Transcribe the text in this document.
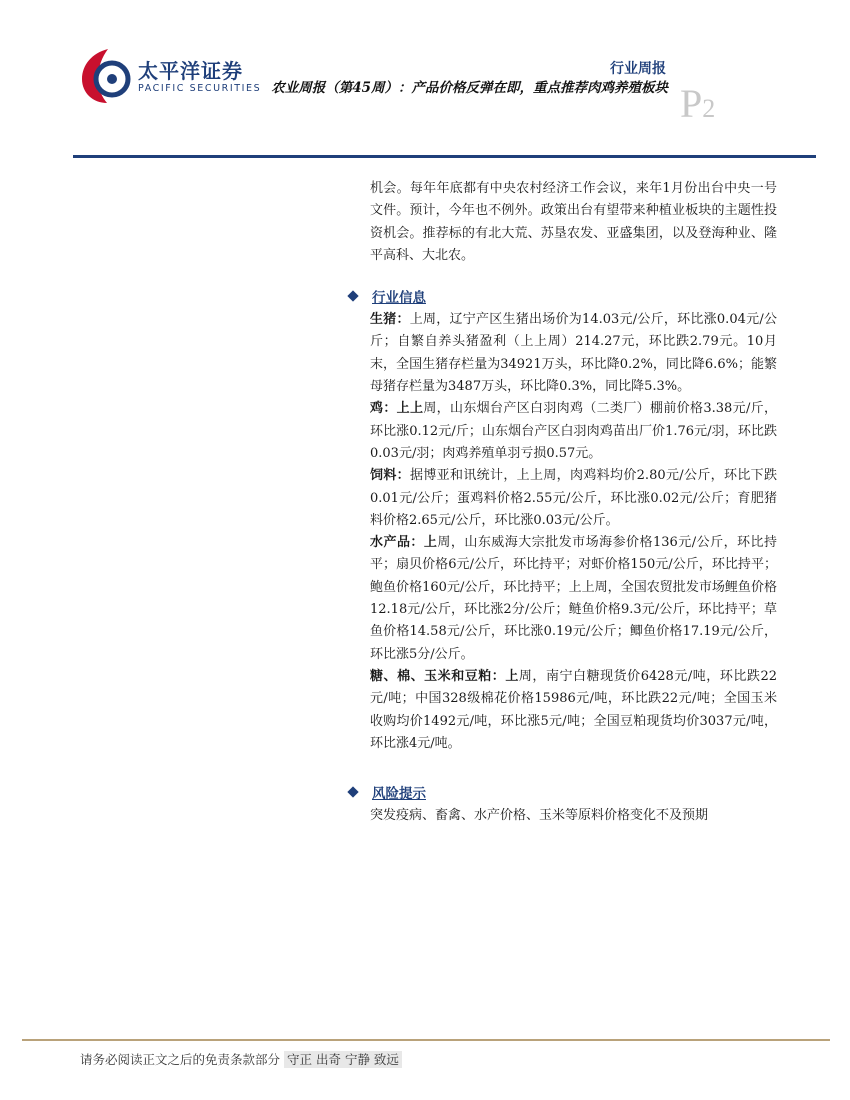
太平洋证券
PACIFIC SECURITIES
行业周报
农业周报（第45周）：产品价格反弹在即，重点推荐肉鸡养殖板块 P2

机会。每年年底都有中央农村经济工作会议，来年1月份出台中央一号文件。预计，今年也不例外。政策出台有望带来种植业板块的主题性投资机会。推荐标的有北大荒、苏垦农发、亚盛集团，以及登海种业、隆平高科、大北农。

行业信息

生猪：上周，辽宁产区生猪出场价为14.03元/公斤，环比涨0.04元/公斤；自繁自养头猪盈利（上上周）214.27元，环比跌2.79元。10月末，全国生猪存栏量为34921万头，环比降0.2%，同比降6.6%；能繁母猪存栏量为3487万头，环比降0.3%，同比降5.3%。

鸡：上上周，山东烟台产区白羽肉鸡（二类厂）棚前价格3.38元/斤，环比涨0.12元/斤；山东烟台产区白羽肉鸡苗出厂价1.76元/羽，环比跌0.03元/羽；肉鸡养殖单羽亏损0.57元。

饲料：据博亚和讯统计，上上周，肉鸡料均价2.80元/公斤，环比下跌0.01元/公斤；蛋鸡料价格2.55元/公斤，环比涨0.02元/公斤；育肥猪料价格2.65元/公斤，环比涨0.03元/公斤。

水产品：上周，山东威海大宗批发市场海参价格136元/公斤，环比持平；扇贝价格6元/公斤，环比持平；对虾价格150元/公斤，环比持平；鲍鱼价格160元/公斤，环比持平；上上周，全国农贸批发市场鲤鱼价格12.18元/公斤，环比涨2分/公斤；鲢鱼价格9.3元/公斤，环比持平；草鱼价格14.58元/公斤，环比涨0.19元/公斤；鲫鱼价格17.19元/公斤，环比涨5分/公斤。

糖、棉、玉米和豆粕：上周，南宁白糖现货价6428元/吨，环比跌22元/吨；中国328级棉花价格15986元/吨，环比跌22元/吨；全国玉米收购均价1492元/吨，环比涨5元/吨；全国豆粕现货均价3037元/吨，环比涨4元/吨。

风险提示
突发疫病、畜禽、水产价格、玉米等原料价格变化不及预期
请务必阅读正文之后的免责条款部分 守正 出奇 宁静 致远
